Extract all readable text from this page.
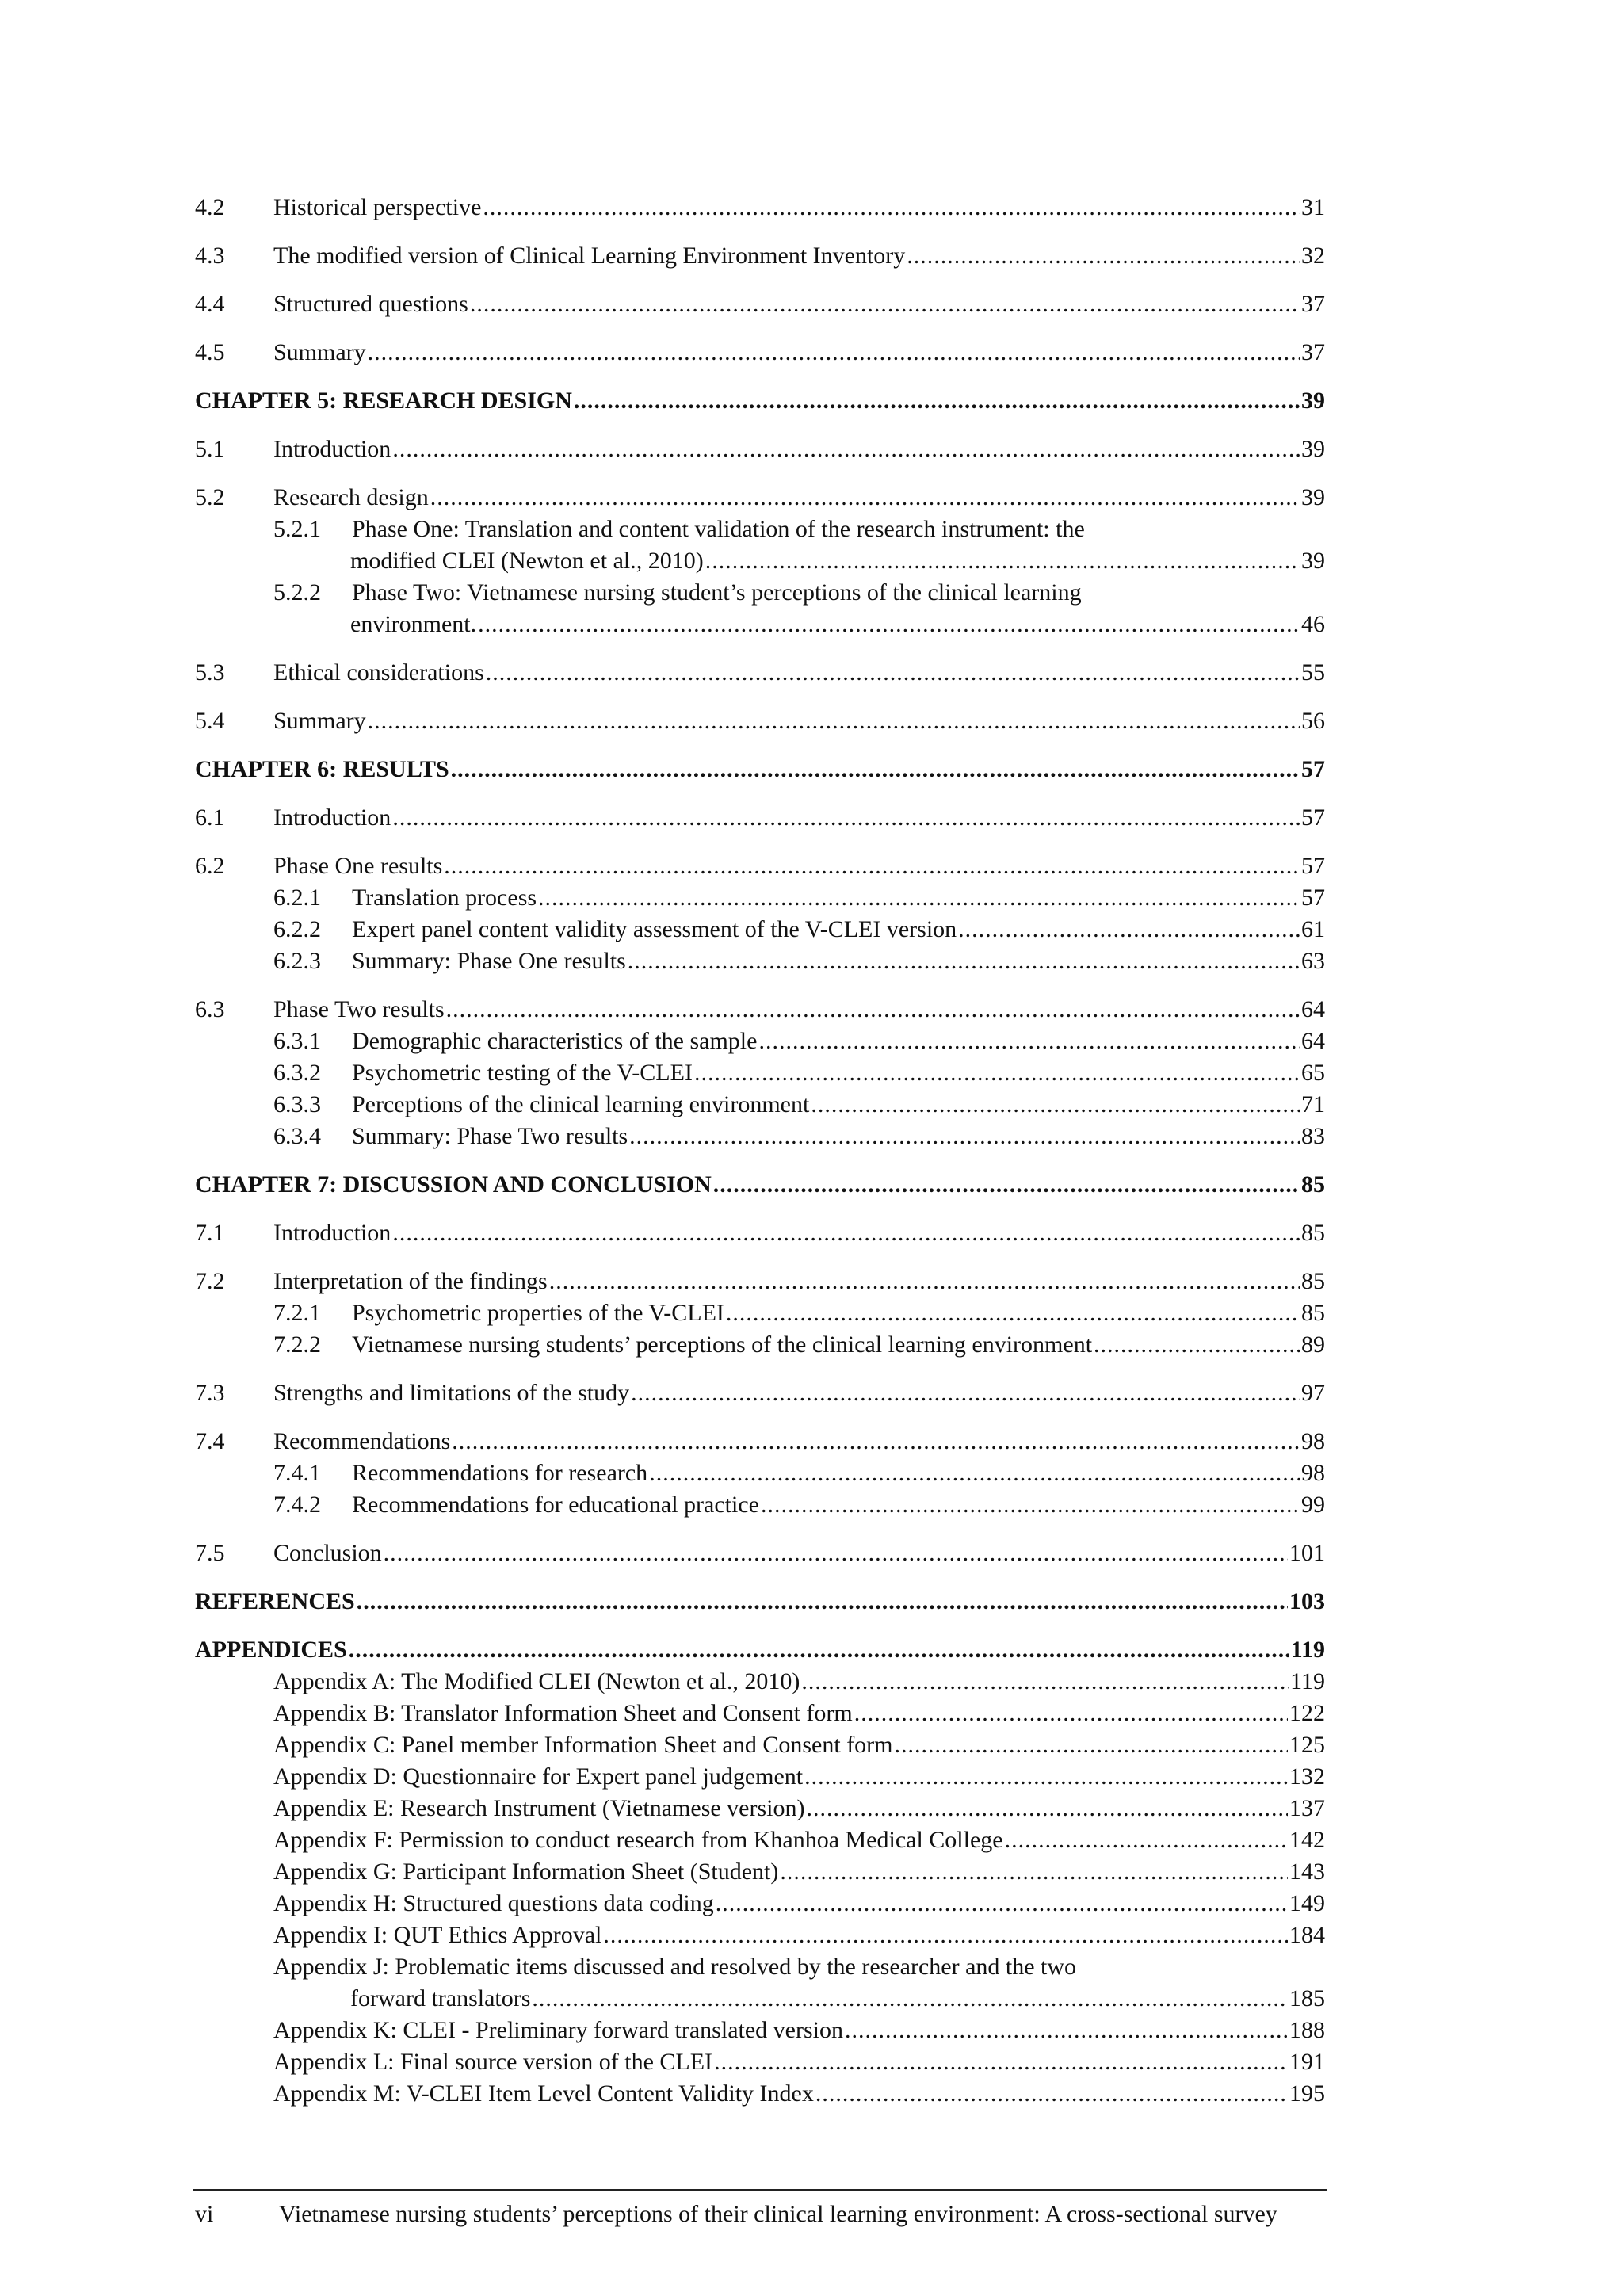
4.2	Historical perspective .....	31
4.3	The modified version of Clinical Learning Environment Inventory .....	32
4.4	Structured questions .....	37
4.5	Summary .....	37
CHAPTER 5: RESEARCH DESIGN .....	39
5.1	Introduction .....	39
5.2	Research design .....	39
5.2.1	Phase One: Translation and content validation of the research instrument: the
modified CLEI (Newton et al., 2010) .....	39
5.2.2	Phase Two: Vietnamese nursing student’s perceptions of the clinical learning
environment. .....	46
5.3	Ethical considerations .....	55
5.4	Summary .....	56
CHAPTER 6: RESULTS .....	57
6.1	Introduction .....	57
6.2	Phase One results .....	57
6.2.1	Translation process .....	57
6.2.2	Expert panel content validity assessment of the V-CLEI version .....	61
6.2.3	Summary: Phase One results .....	63
6.3	Phase Two results .....	64
6.3.1	Demographic characteristics of the sample .....	64
6.3.2	Psychometric testing of the V-CLEI .....	65
6.3.3	Perceptions of the clinical learning environment .....	71
6.3.4	Summary: Phase Two results .....	83
CHAPTER 7: DISCUSSION AND CONCLUSION .....	85
7.1	Introduction .....	85
7.2	Interpretation of the findings .....	85
7.2.1	Psychometric properties of the V-CLEI .....	85
7.2.2	Vietnamese nursing students’ perceptions of the clinical learning environment .....	89
7.3	Strengths and limitations of the study .....	97
7.4	Recommendations .....	98
7.4.1	Recommendations for research .....	98
7.4.2	Recommendations for educational practice .....	99
7.5	Conclusion .....	101
REFERENCES .....	103
APPENDICES .....	119
Appendix A: The Modified CLEI (Newton et al., 2010) .....	119
Appendix B: Translator Information Sheet and Consent form .....	122
Appendix C: Panel member Information Sheet and Consent form .....	125
Appendix D: Questionnaire for Expert panel judgement .....	132
Appendix E: Research Instrument (Vietnamese version) .....	137
Appendix F: Permission to conduct research from Khanhoa Medical College .....	142
Appendix G: Participant Information Sheet (Student) .....	143
Appendix H: Structured questions data coding .....	149
Appendix I: QUT Ethics Approval .....	184
Appendix J: Problematic items discussed and resolved by the researcher and the two
forward translators .....	185
Appendix K: CLEI - Preliminary forward translated version .....	188
Appendix L: Final source version of the CLEI .....	191
Appendix M: V-CLEI Item Level Content Validity Index .....	195
vi	Vietnamese nursing students’ perceptions of their clinical learning environment: A cross-sectional survey
